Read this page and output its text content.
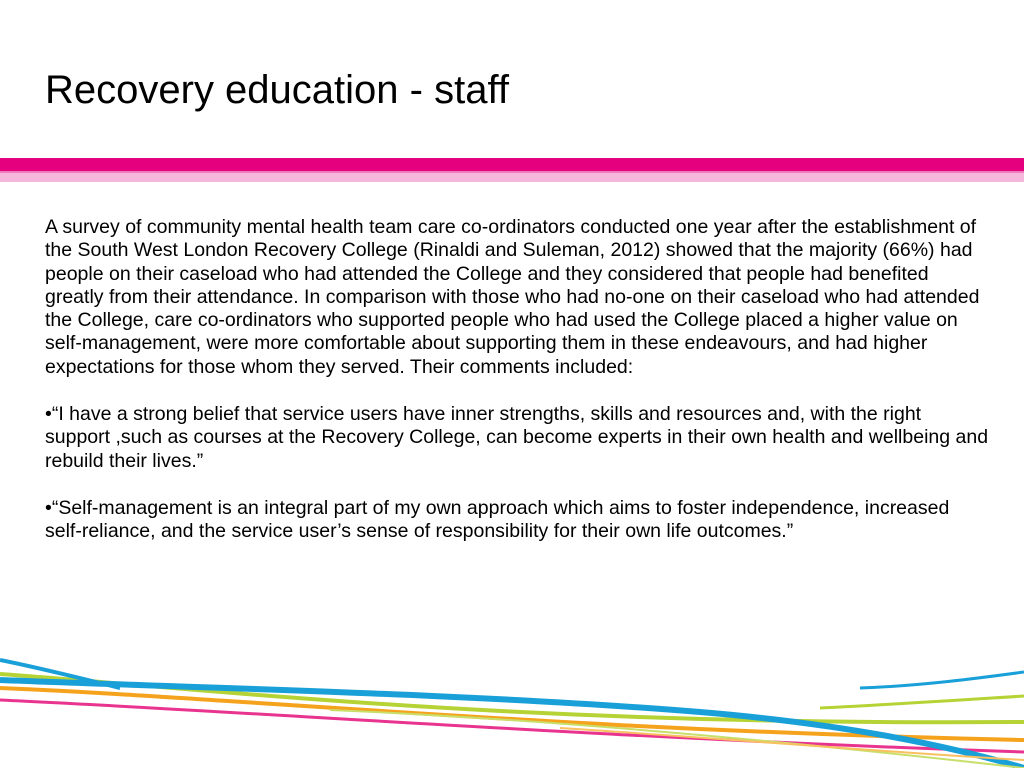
Recovery education - staff

A survey of community mental health team care co-ordinators conducted one year after the establishment of the South West London Recovery College (Rinaldi and Suleman, 2012) showed that the majority (66%) had people on their caseload who had attended the College and they considered that people had benefited greatly from their attendance. In comparison with those who had no-one on their caseload who had attended the College, care co-ordinators who supported people who had used the College placed a higher value on self-management, were more comfortable about supporting them in these endeavours, and had higher expectations for those whom they served. Their comments included:

•“I have a strong belief that service users have inner strengths, skills and resources and, with the right support ,such as courses at the Recovery College, can become experts in their own health and wellbeing and rebuild their lives.”

•“Self-management is an integral part of my own approach which aims to foster independence, increased self-reliance, and the service user’s sense of responsibility for their own life outcomes.”
